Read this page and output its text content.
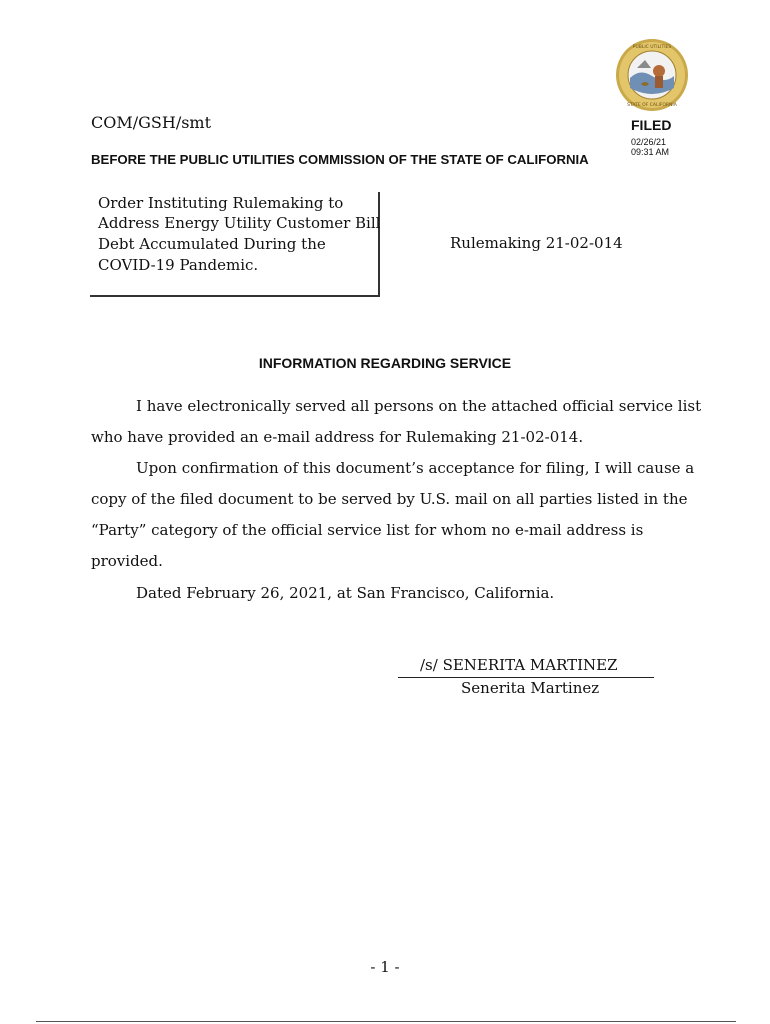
PUBLIC UTILITIES
STATE OF CALIFORNIA
COM/GSH/smt	FILED
02/26/21
09:31 AM
BEFORE THE PUBLIC UTILITIES COMMISSION OF THE STATE OF CALIFORNIA
Order Instituting Rulemaking to
Address Energy Utility Customer Bill
Debt Accumulated During the
COVID-19 Pandemic.
Rulemaking 21-02-014
INFORMATION REGARDING SERVICE
I have electronically served all persons on the attached official service list
who have provided an e-mail address for Rulemaking 21-02-014.
Upon confirmation of this document’s acceptance for filing, I will cause a
copy of the filed document to be served by U.S. mail on all parties listed in the
“Party” category of the official service list for whom no e-mail address is
provided.
Dated February 26, 2021, at San Francisco, California.
/s/ SENERITA MARTINEZ
Senerita Martinez
- 1 -
